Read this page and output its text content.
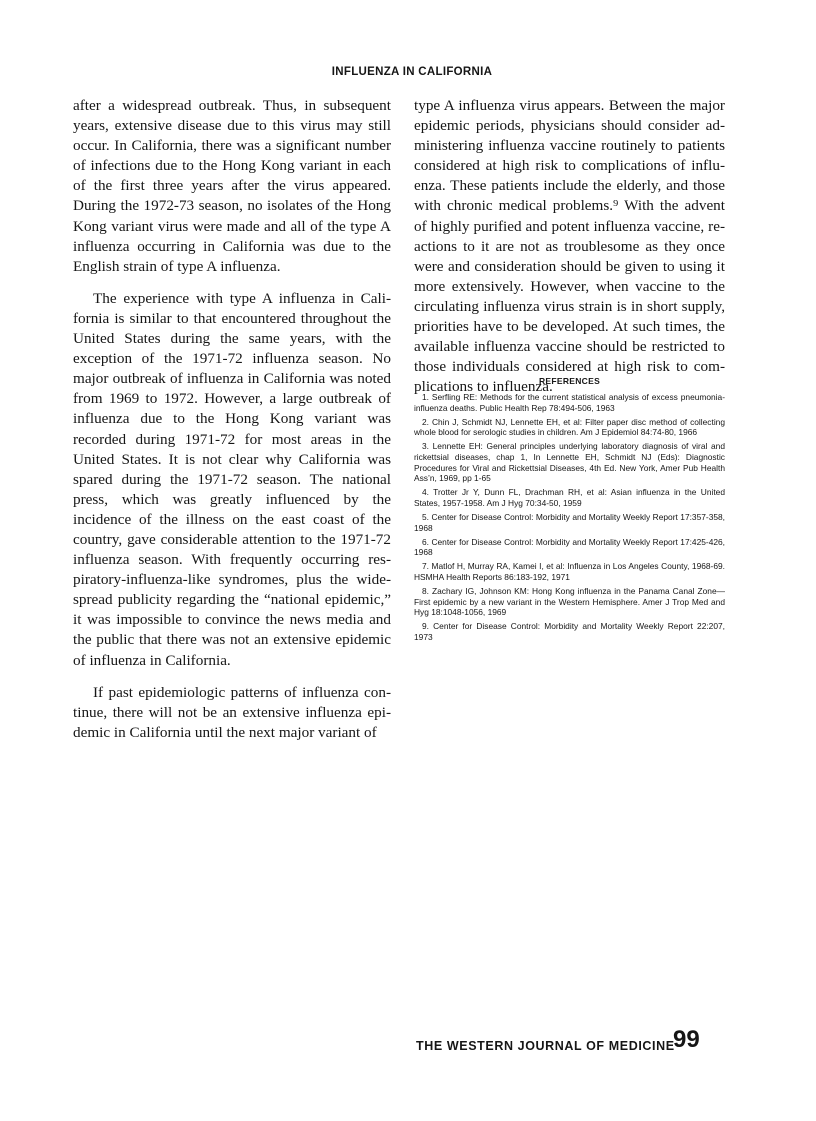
INFLUENZA IN CALIFORNIA

after a widespread outbreak. Thus, in subsequent years, extensive disease due to this virus may still occur. In California, there was a significant number of infections due to the Hong Kong variant in each of the first three years after the virus appeared. During the 1972-73 season, no isolates of the Hong Kong variant virus were made and all of the type A influenza occurring in California was due to the English strain of type A influenza.

The experience with type A influenza in California is similar to that encountered throughout the United States during the same years, with the exception of the 1971-72 influenza season. No major outbreak of influenza in California was noted from 1969 to 1972. However, a large outbreak of influenza due to the Hong Kong variant was recorded during 1971-72 for most areas in the United States. It is not clear why California was spared during the 1971-72 season. The national press, which was greatly influenced by the incidence of the illness on the east coast of the country, gave considerable attention to the 1971-72 influenza season. With frequently occurring respiratory-influenza-like syndromes, plus the widespread publicity regarding the “national epidemic,” it was impossible to convince the news media and the public that there was not an extensive epidemic of influenza in California.

If past epidemiologic patterns of influenza continue, there will not be an extensive influenza epidemic in California until the next major variant of

type A influenza virus appears. Between the major epidemic periods, physicians should consider administering influenza vaccine routinely to patients considered at high risk to complications of influenza. These patients include the elderly, and those with chronic medical problems.⁹ With the advent of highly purified and potent influenza vaccine, reactions to it are not as troublesome as they once were and consideration should be given to using it more extensively. However, when vaccine to the circulating influenza virus strain is in short supply, priorities have to be developed. At such times, the available influenza vaccine should be restricted to those individuals considered at high risk to complications to influenza.

REFERENCES
1. Serfling RE: Methods for the current statistical analysis of excess pneumonia-influenza deaths. Public Health Rep 78:494-506, 1963
2. Chin J, Schmidt NJ, Lennette EH, et al: Filter paper disc method of collecting whole blood for serologic studies in children. Am J Epidemiol 84:74-80, 1966
3. Lennette EH: General principles underlying laboratory diagnosis of viral and rickettsial diseases, chap 1, In Lennette EH, Schmidt NJ (Eds): Diagnostic Procedures for Viral and Rickettsial Diseases, 4th Ed. New York, Amer Pub Health Ass’n, 1969, pp 1-65
4. Trotter Jr Y, Dunn FL, Drachman RH, et al: Asian influenza in the United States, 1957-1958. Am J Hyg 70:34-50, 1959
5. Center for Disease Control: Morbidity and Mortality Weekly Report 17:357-358, 1968
6. Center for Disease Control: Morbidity and Mortality Weekly Report 17:425-426, 1968
7. Matlof H, Murray RA, Kamei I, et al: Influenza in Los Angeles County, 1968-69. HSMHA Health Reports 86:183-192, 1971
8. Zachary IG, Johnson KM: Hong Kong influenza in the Panama Canal Zone—First epidemic by a new variant in the Western Hemisphere. Amer J Trop Med and Hyg 18:1048-1056, 1969
9. Center for Disease Control: Morbidity and Mortality Weekly Report 22:207, 1973
THE WESTERN JOURNAL OF MEDICINE
99
